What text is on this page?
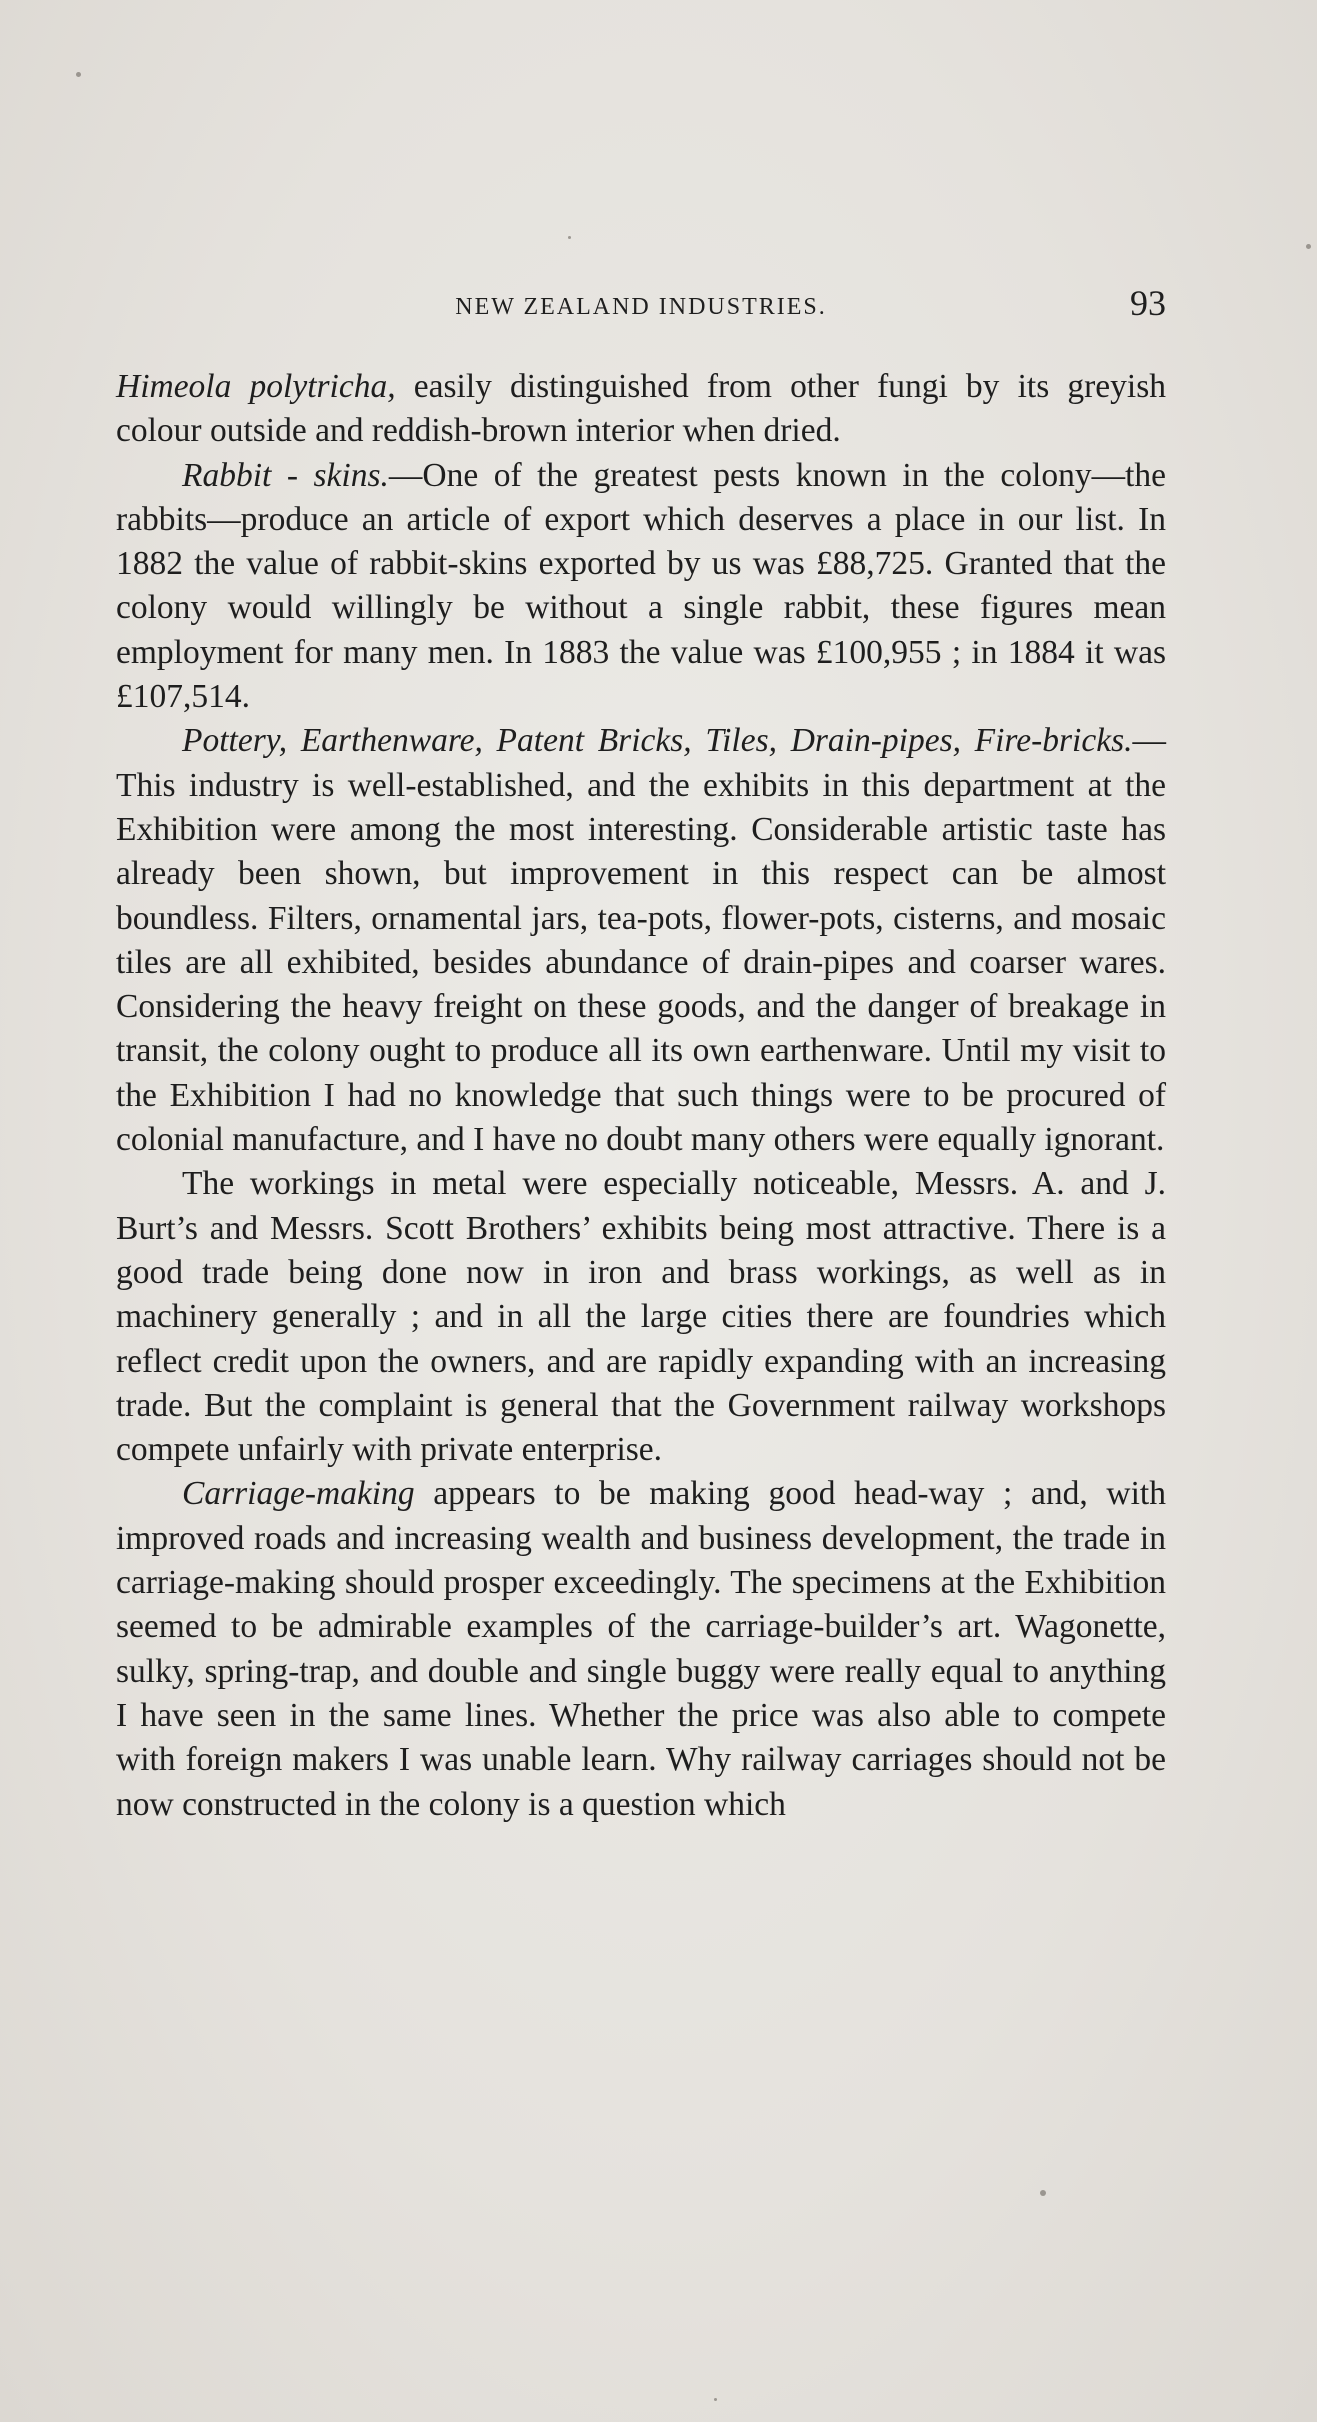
NEW ZEALAND INDUSTRIES.	93

Himeola polytricha, easily distinguished from other fungi by its greyish colour outside and reddish-brown interior when dried.

Rabbit - skins.—One of the greatest pests known in the colony—the rabbits—produce an article of export which deserves a place in our list. In 1882 the value of rabbit-skins exported by us was £88,725. Granted that the colony would willingly be without a single rabbit, these figures mean employment for many men. In 1883 the value was £100,955 ; in 1884 it was £107,514.

Pottery, Earthenware, Patent Bricks, Tiles, Drain-pipes, Fire-bricks.—This industry is well-established, and the exhibits in this department at the Exhibition were among the most interesting. Considerable artistic taste has already been shown, but improvement in this respect can be almost boundless. Filters, ornamental jars, tea-pots, flower-pots, cisterns, and mosaic tiles are all exhibited, besides abundance of drain-pipes and coarser wares. Considering the heavy freight on these goods, and the danger of breakage in transit, the colony ought to produce all its own earthenware. Until my visit to the Exhibition I had no knowledge that such things were to be procured of colonial manufacture, and I have no doubt many others were equally ignorant.

The workings in metal were especially noticeable, Messrs. A. and J. Burt’s and Messrs. Scott Brothers’ exhibits being most attractive. There is a good trade being done now in iron and brass workings, as well as in machinery generally ; and in all the large cities there are foundries which reflect credit upon the owners, and are rapidly expanding with an increasing trade. But the complaint is general that the Government railway workshops compete unfairly with private enterprise.

Carriage-making appears to be making good head-way ; and, with improved roads and increasing wealth and business development, the trade in carriage-making should prosper exceedingly. The specimens at the Exhibition seemed to be admirable examples of the carriage-builder’s art. Wagonette, sulky, spring-trap, and double and single buggy were really equal to anything I have seen in the same lines. Whether the price was also able to compete with foreign makers I was unable learn. Why railway carriages should not be now constructed in the colony is a question which
